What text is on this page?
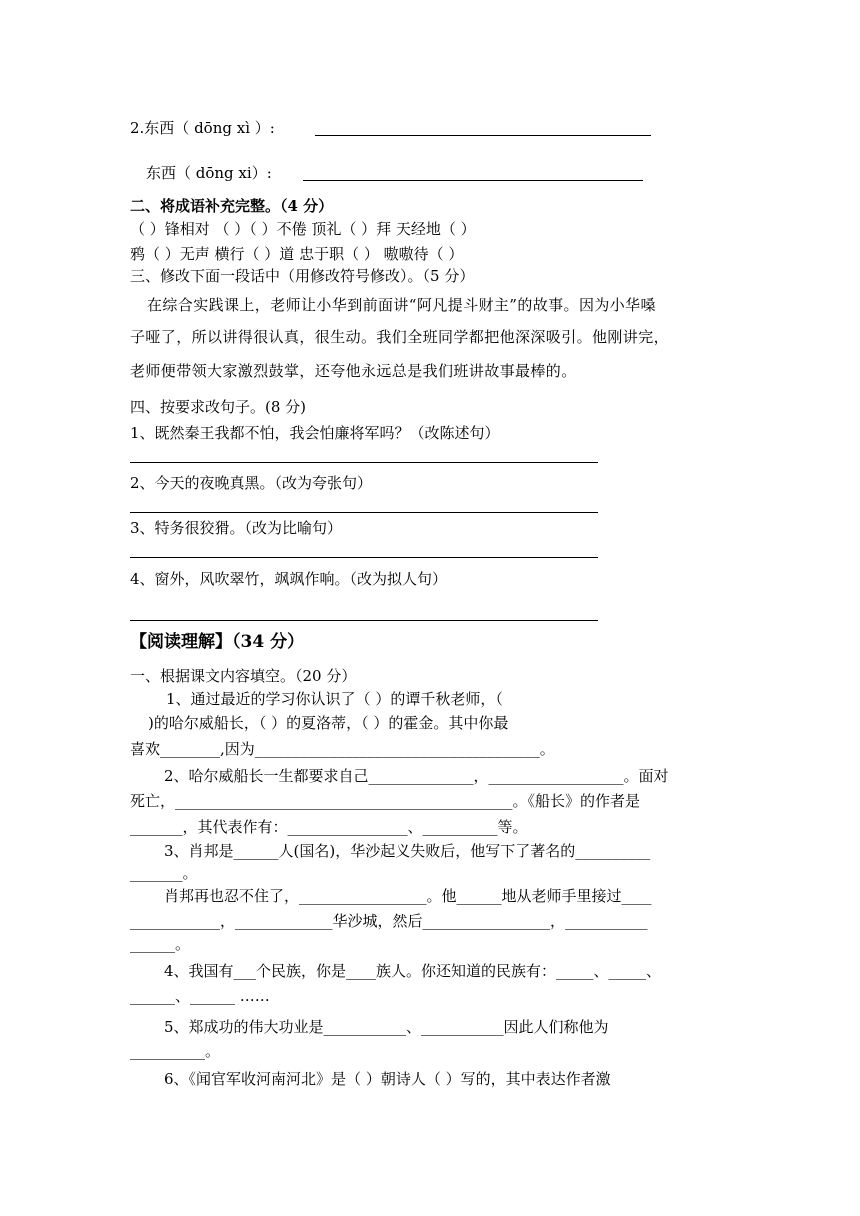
2.东西（ dōng xì ）:
东西（ dōng xi）:
二、将成语补充完整。（4 分）
（ ）锋相对 （ ）（ ）不倦 顶礼（ ）拜 天经地（ ）
鸦（ ）无声 横行（ ）道 忠于职（ ） 嗷嗷待（ ）
三、修改下面一段话中（用修改符号修改）。（5 分）
在综合实践课上，老师让小华到前面讲“阿凡提斗财主”的故事。因为小华嗓
子哑了，所以讲得很认真，很生动。我们全班同学都把他深深吸引。他刚讲完，
老师便带领大家激烈鼓掌，还夸他永远总是我们班讲故事最棒的。
四、按要求改句子。(8 分)
1、既然秦王我都不怕，我会怕廉将军吗？（改陈述句）
2、今天的夜晚真黑。（改为夸张句）
3、特务很狡猾。（改为比喻句）
4、窗外，风吹翠竹，飒飒作响。（改为拟人句）
【阅读理解】（34 分）
一、根据课文内容填空。（20 分）
1、通过最近的学习你认识了（ ）的谭千秋老师，（
)的哈尔威船长，（ ）的夏洛蒂，（ ）的霍金。其中你最
喜欢________,因为______________________________________。
2、哈尔威船长一生都要求自己______________，__________________。面对
死亡，_____________________________________________。《船长》的作者是
_______，其代表作有：________________、__________等。
3、肖邦是______人(国名)，华沙起义失败后，他写下了著名的__________
_______。
肖邦再也忍不住了，_________________。他______地从老师手里接过____
____________，_____________华沙城，然后_________________，___________
______。
4、我国有___个民族，你是____族人。你还知道的民族有：_____、_____、
______、______ ……
5、郑成功的伟大功业是___________、___________因此人们称他为
__________。
6、《闻官军收河南河北》是（ ）朝诗人（ ）写的，其中表达作者激
